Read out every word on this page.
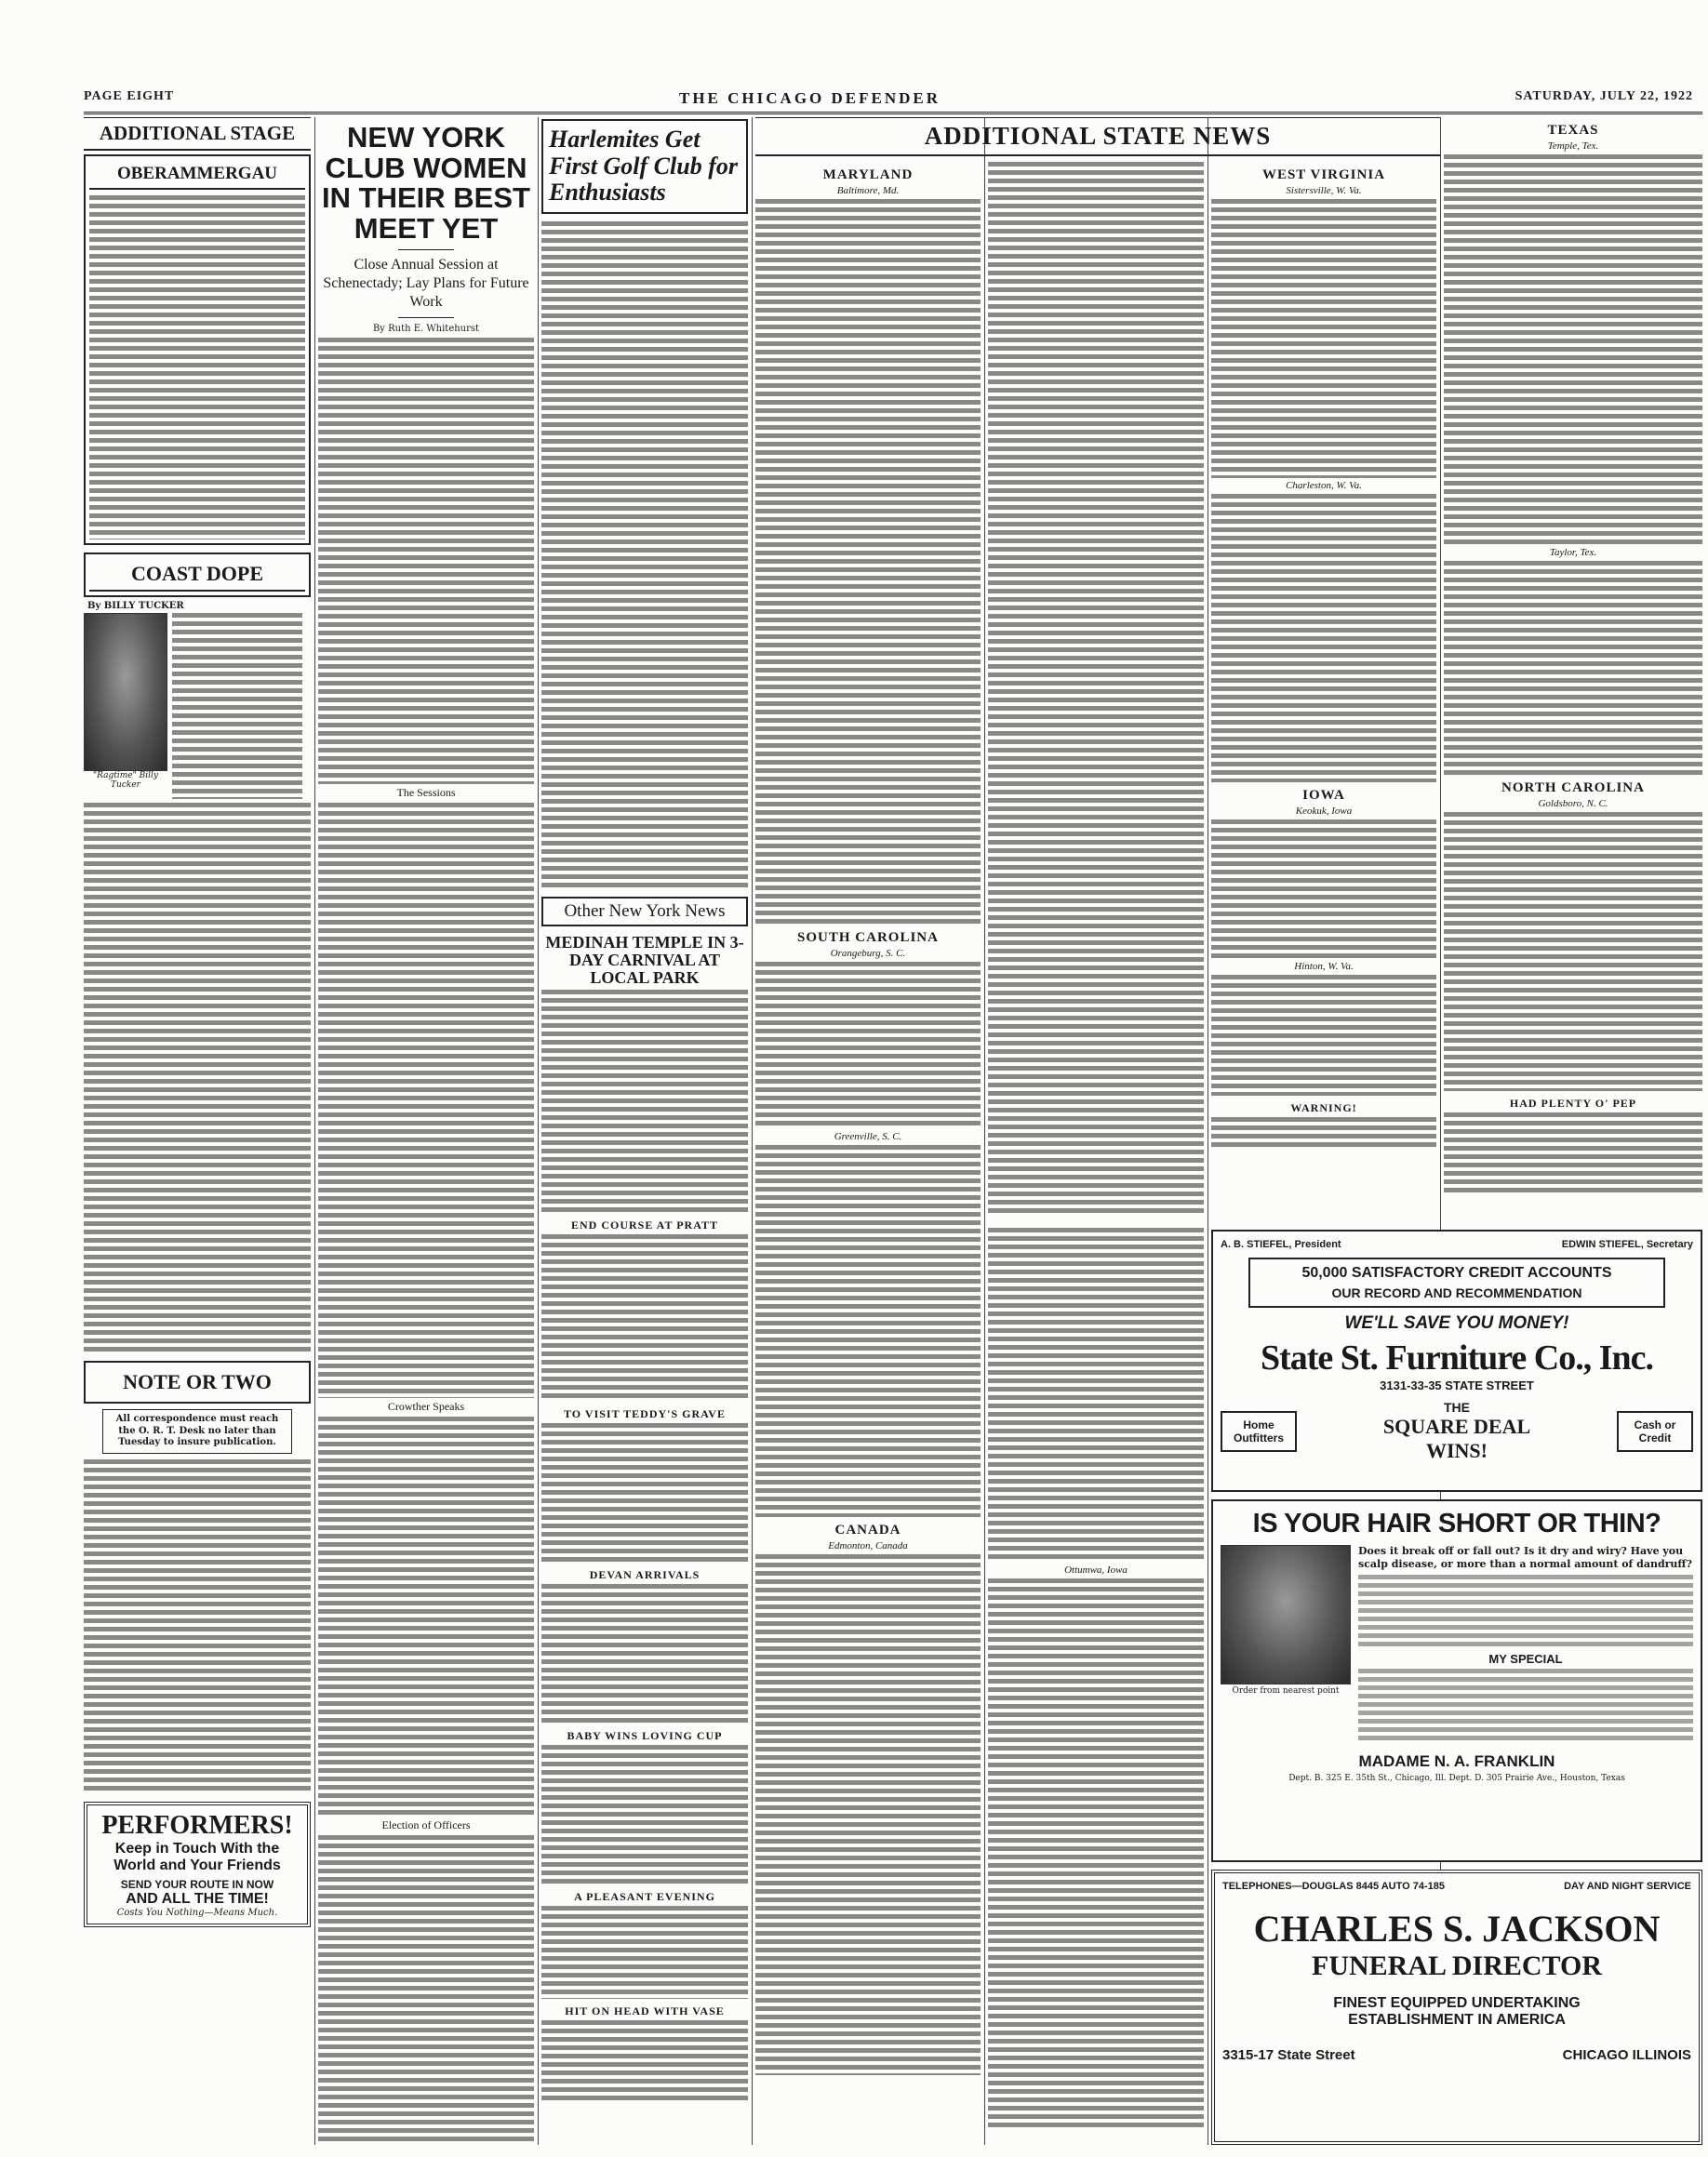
PAGE EIGHT	THE CHICAGO DEFENDER	SATURDAY, JULY 22, 1922
ADDITIONAL STAGE
OBERAMMERGAU
COAST DOPE
By BILLY TUCKER
"Ragtime" Billy Tucker
NOTE OR TWO
All correspondence must reach the O. R. T. Desk no later than Tuesday to insure publication.
PERFORMERS!
Keep in Touch With the
World and Your Friends
SEND YOUR ROUTE IN NOW
AND ALL THE TIME!
Costs You Nothing—Means Much.
NEW YORK CLUB WOMEN IN THEIR BEST MEET YET
Close Annual Session at Schenectady; Lay Plans for Future Work
By Ruth E. Whitehurst
The Sessions
Crowther Speaks
Election of Officers
Harlemites Get First Golf Club for Enthusiasts
Other New York News
MEDINAH TEMPLE IN 3-DAY CARNIVAL AT LOCAL PARK
END COURSE AT PRATT
TO VISIT TEDDY'S GRAVE
DEVAN ARRIVALS
BABY WINS LOVING CUP
A PLEASANT EVENING
HIT ON HEAD WITH VASE
ADDITIONAL STATE NEWS
MARYLAND
Baltimore, Md.
SOUTH CAROLINA
Orangeburg, S. C.
Greenville, S. C.
CANADA
Edmonton, Canada
WEST VIRGINIA
Sistersville, W. Va.
Charleston, W. Va.
IOWA
Keokuk, Iowa
Hinton, W. Va.
WARNING!
TEXAS
Temple, Tex.
Taylor, Tex.
NORTH CAROLINA
Goldsboro, N. C.
HAD PLENTY O' PEP
Ottumwa, Iowa
A. B. STIEFEL, President	EDWIN STIEFEL, Secretary
50,000 SATISFACTORY CREDIT ACCOUNTS
OUR RECORD AND RECOMMENDATION
WE'LL SAVE YOU MONEY!
State St. Furniture Co., Inc.
3131-33-35 STATE STREET
Home Outfitters
THE
SQUARE DEAL
WINS!
Cash or Credit
IS YOUR HAIR SHORT OR THIN?
Order from nearest point
Does it break off or fall out? Is it dry and wiry? Have you scalp disease, or more than a normal amount of dandruff?
MY SPECIAL
MADAME N. A. FRANKLIN
Dept. B. 325 E. 35th St., Chicago, Ill. Dept. D. 305 Prairie Ave., Houston, Texas
TELEPHONES—DOUGLAS 8445 AUTO 74-185	DAY AND NIGHT SERVICE
CHARLES S. JACKSON
FUNERAL DIRECTOR
FINEST EQUIPPED UNDERTAKING
ESTABLISHMENT IN AMERICA
3315-17 State Street	CHICAGO ILLINOIS
